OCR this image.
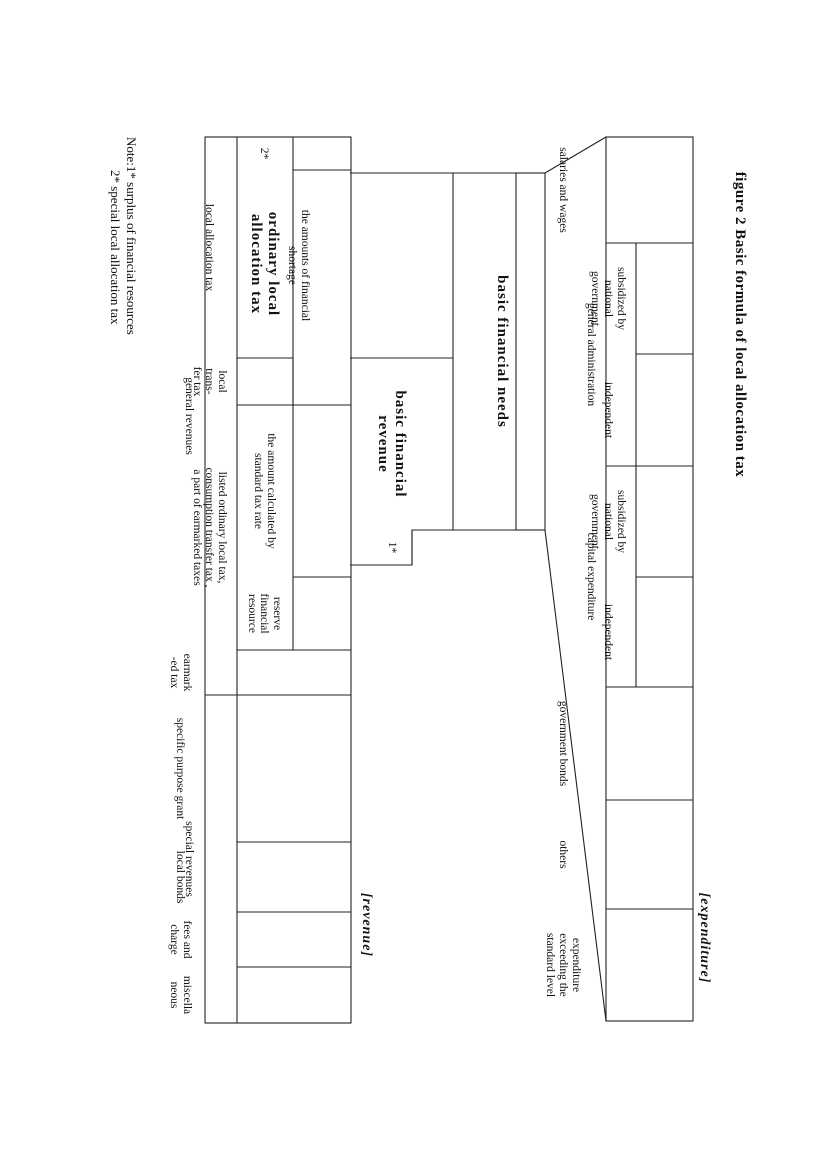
figure 2 Basic formula of local allocation tax
[expenditure]
[revenue]
salaries and wages
subsidized by
national
government
independent
general administration
subsidized by
national
government
independent
capital expenditure
government bonds
others
expenditure
exceeding the
standard level
basic financial needs
the amounts of financial
shortage
basic financial
revenue
1*
2*
ordinary local
allocation tax
local
trans-
fer tax
the amount calculated by
standard tax rate
listed ordinary local tax,
consumption transfer tax ,
a part of earmarked taxes
reserve
financial
resource
local allocation tax
earmark
-ed tax
specific purpose grant
local bonds
fees and
charge
miscella
neous
general revenues
special revenues
Note:1* surplus of financial resources
2* special local allocation tax
